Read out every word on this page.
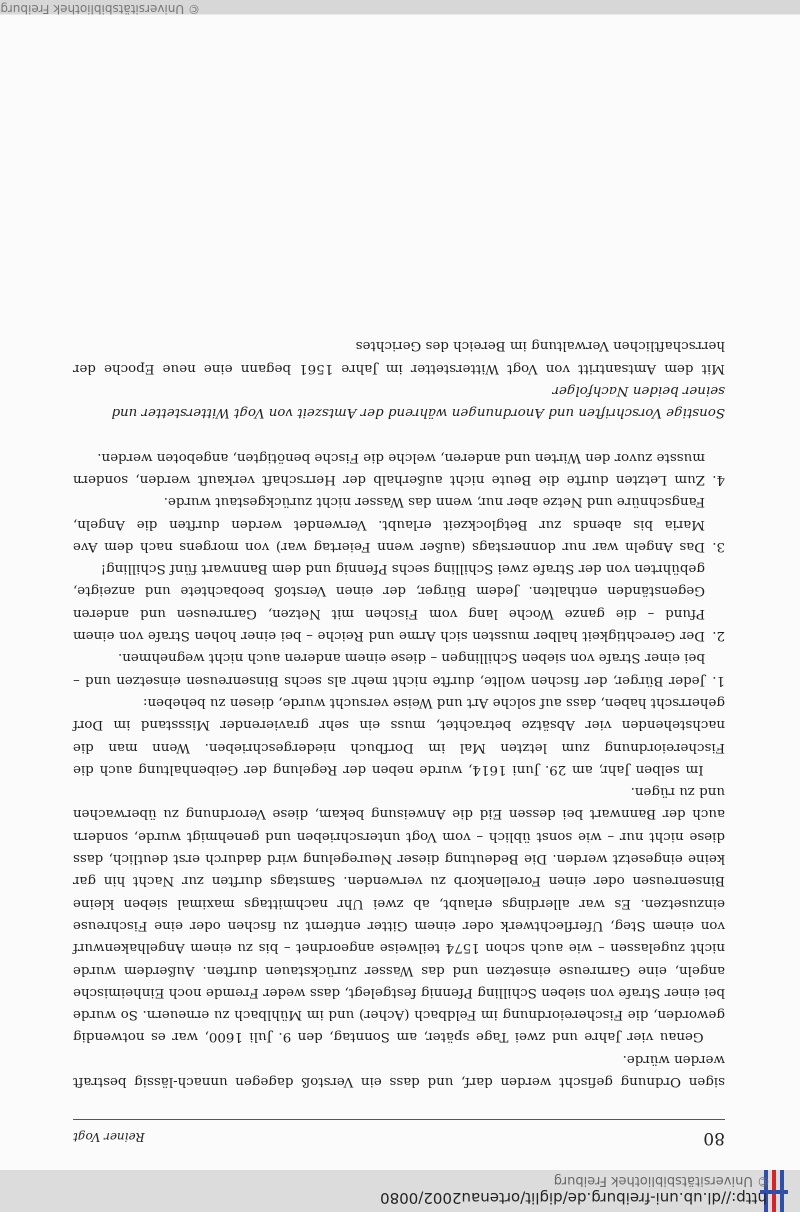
http://dl.ub.uni-freiburg.de/diglit/ortenau2002/0080
© Universitätsbibliothek Freiburg
80
Reiner Vogt

sigen Ordnung gefischt werden darf, und dass ein Verstoß dagegen unnach-lässig bestraft werden würde.

Genau vier Jahre und zwei Tage später, am Sonntag, den 9. Juli 1600, war es notwendig geworden, die Fischereiordnung im Feldbach (Acher) und im Mühlbach zu erneuern. So wurde bei einer Strafe von sieben Schilling Pfennig festgelegt, dass weder Fremde noch Einheimische angeln, eine Garnreuse einsetzen und das Wasser zurückstauen durften. Außerdem wurde nicht zugelassen – wie auch schon 1574 teilweise angeordnet – bis zu einem Angelhakenwurf von einem Steg, Uferflechtwerk oder einem Gitter entfernt zu fischen oder eine Fischreuse einzusetzen. Es war allerdings erlaubt, ab zwei Uhr nachmittags maximal sieben kleine Binsenreusen oder einen Forellenkorb zu verwenden. Samstags durften zur Nacht hin gar keine eingesetzt werden. Die Bedeutung dieser Neuregelung wird dadurch erst deutlich, dass diese nicht nur – wie sonst üblich – vom Vogt unterschrieben und genehmigt wurde, sondern auch der Bannwart bei dessen Eid die Anweisung bekam, diese Verordnung zu überwachen und zu rügen.

Im selben Jahr, am 29. Juni 1614, wurde neben der Regelung der Geibenhaltung auch die Fischereiordnung zum letzten Mal im Dorfbuch niedergeschrieben. Wenn man die nachstehenden vier Absätze betrachtet, muss ein sehr gravierender Missstand im Dorf geherrscht haben, dass auf solche Art und Weise versucht wurde, diesen zu beheben:

1.
Jeder Bürger, der fischen wollte, durfte nicht mehr als sechs Binsenreusen einsetzen und – bei einer Strafe von sieben Schillingen – diese einem anderen auch nicht wegnehmen.
2.
Der Gerechtigkeit halber mussten sich Arme und Reiche – bei einer hohen Strafe von einem Pfund – die ganze Woche lang vom Fischen mit Netzen, Garnreusen und anderen Gegenständen enthalten. Jedem Bürger, der einen Verstoß beobachtete und anzeigte, gebührten von der Strafe zwei Schilling sechs Pfennig und dem Bannwart fünf Schilling!
3.
Das Angeln war nur donnerstags (außer wenn Feiertag war) von morgens nach dem Ave Maria bis abends zur Betglockzeit erlaubt. Verwendet werden durften die Angeln, Fangschnüre und Netze aber nur, wenn das Wasser nicht zurückgestaut wurde.
4.
Zum Letzten durfte die Beute nicht außerhalb der Herrschaft verkauft werden, sondern musste zuvor den Wirten und anderen, welche die Fische benötigten, angeboten werden.

Sonstige Vorschriften und Anordnungen während der Amtszeit von Vogt Witterstetter und seiner beiden Nachfolger

Mit dem Amtsantritt von Vogt Witterstetter im Jahre 1561 begann eine neue Epoche der herrschaftlichen Verwaltung im Bereich des Gerichtes

© Universitätsbibliothek Freiburg
